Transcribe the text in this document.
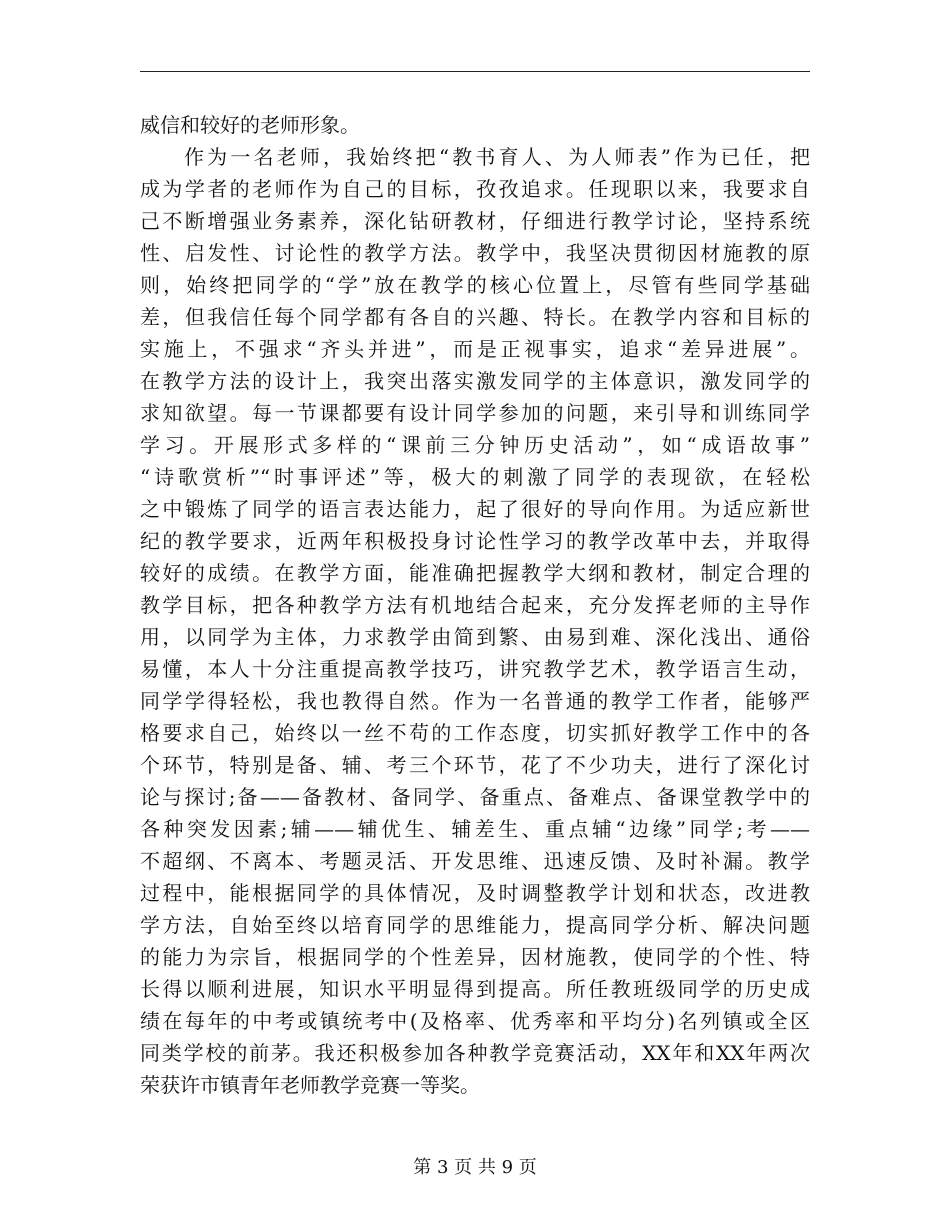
威信和较好的老师形象。
作为一名老师，我始终把“教书育人、为人师表”作为已任，把
成为学者的老师作为自己的目标，孜孜追求。任现职以来，我要求自
己不断增强业务素养，深化钻研教材，仔细进行教学讨论，坚持系统
性、启发性、讨论性的教学方法。教学中，我坚决贯彻因材施教的原
则，始终把同学的“学”放在教学的核心位置上，尽管有些同学基础
差，但我信任每个同学都有各自的兴趣、特长。在教学内容和目标的
实施上，不强求“齐头并进”，而是正视事实，追求“差异进展”。
在教学方法的设计上，我突出落实激发同学的主体意识，激发同学的
求知欲望。每一节课都要有设计同学参加的问题，来引导和训练同学
学习。开展形式多样的“课前三分钟历史活动”，如“成语故事”
“诗歌赏析”“时事评述”等，极大的刺激了同学的表现欲，在轻松
之中锻炼了同学的语言表达能力，起了很好的导向作用。为适应新世
纪的教学要求，近两年积极投身讨论性学习的教学改革中去，并取得
较好的成绩。在教学方面，能准确把握教学大纲和教材，制定合理的
教学目标，把各种教学方法有机地结合起来，充分发挥老师的主导作
用，以同学为主体，力求教学由简到繁、由易到难、深化浅出、通俗
易懂，本人十分注重提高教学技巧，讲究教学艺术，教学语言生动，
同学学得轻松，我也教得自然。作为一名普通的教学工作者，能够严
格要求自己，始终以一丝不苟的工作态度，切实抓好教学工作中的各
个环节，特别是备、辅、考三个环节，花了不少功夫，进行了深化讨
论与探讨;备——备教材、备同学、备重点、备难点、备课堂教学中的
各种突发因素;辅——辅优生、辅差生、重点辅“边缘”同学;考——
不超纲、不离本、考题灵活、开发思维、迅速反馈、及时补漏。教学
过程中，能根据同学的具体情况，及时调整教学计划和状态，改进教
学方法，自始至终以培育同学的思维能力，提高同学分析、解决问题
的能力为宗旨，根据同学的个性差异，因材施教，使同学的个性、特
长得以顺利进展，知识水平明显得到提高。所任教班级同学的历史成
绩在每年的中考或镇统考中(及格率、优秀率和平均分)名列镇或全区
同类学校的前茅。我还积极参加各种教学竞赛活动，XX年和XX年两次
荣获许市镇青年老师教学竞赛一等奖。
第 3 页 共 9 页
